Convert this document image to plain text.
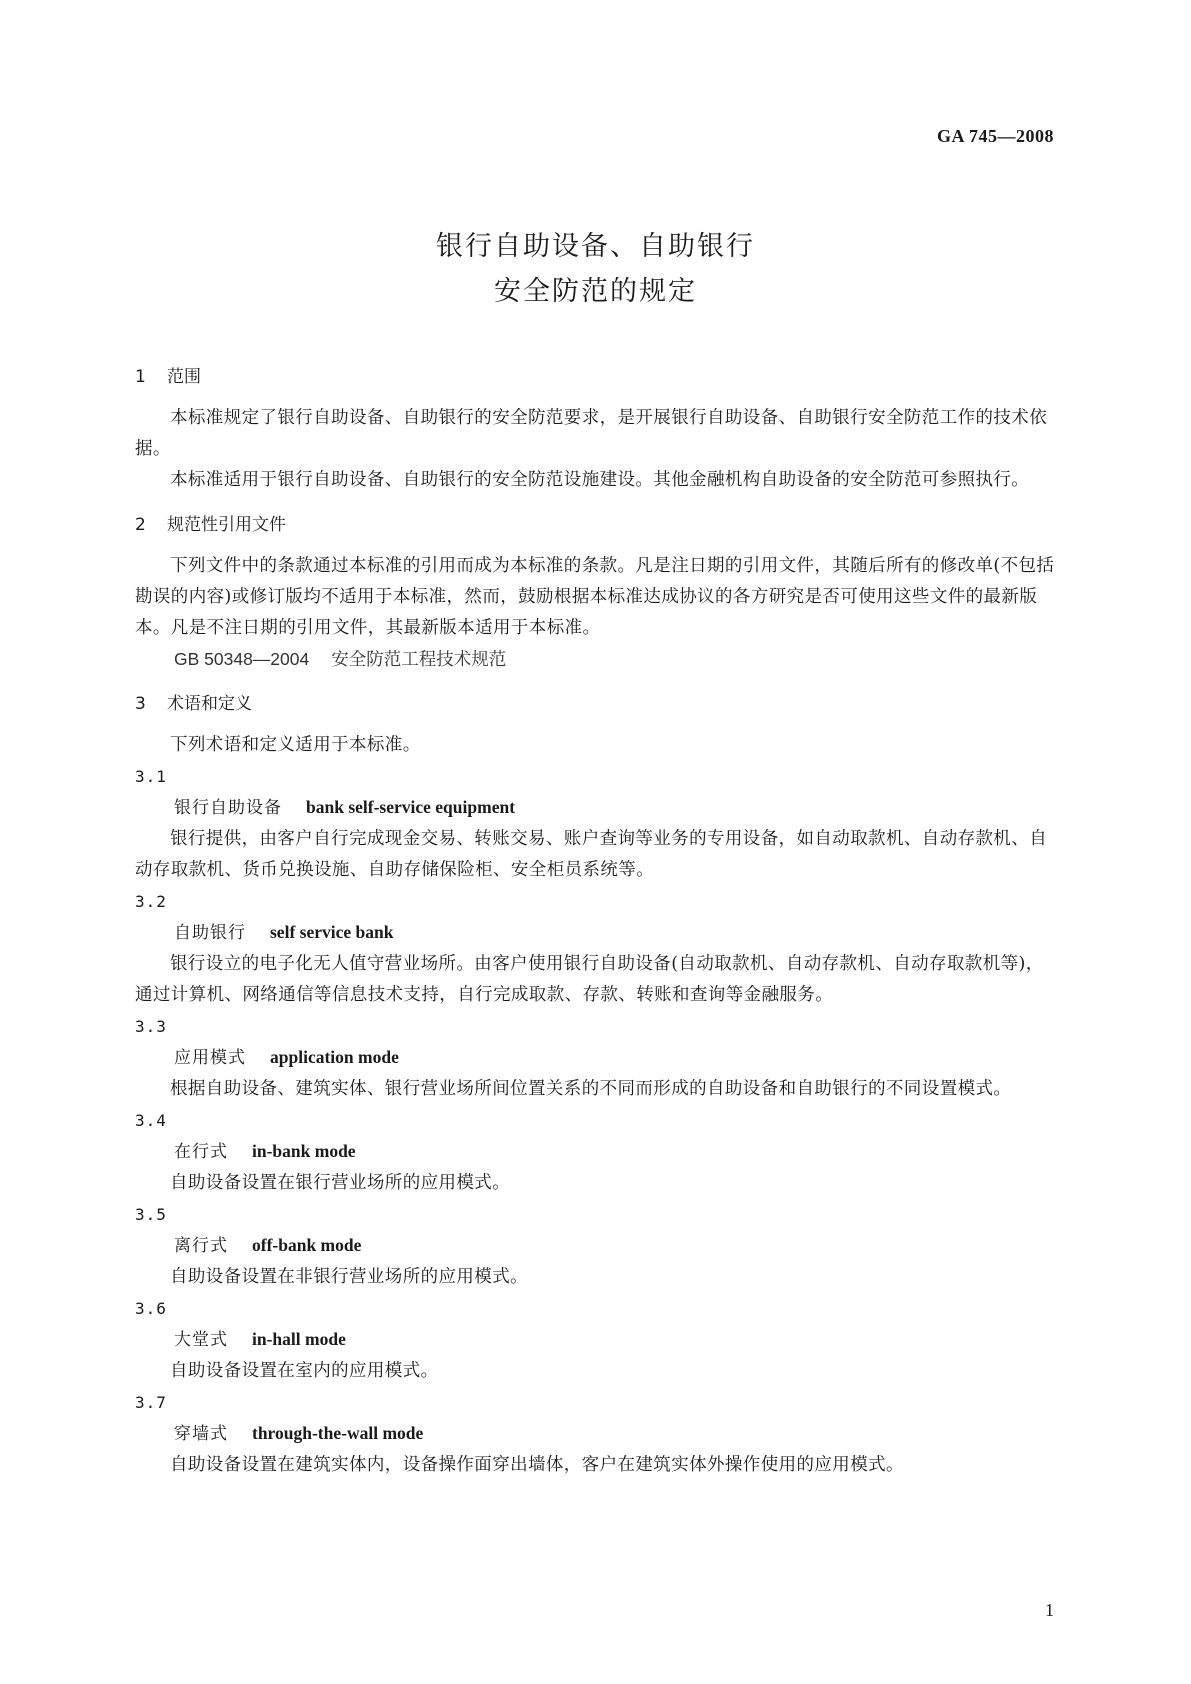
GA 745—2008
银行自助设备、自助银行
安全防范的规定
1	范围

本标准规定了银行自助设备、自助银行的安全防范要求，是开展银行自助设备、自助银行安全防范工作的技术依据。

本标准适用于银行自助设备、自助银行的安全防范设施建设。其他金融机构自助设备的安全防范可参照执行。

2	规范性引用文件

下列文件中的条款通过本标准的引用而成为本标准的条款。凡是注日期的引用文件，其随后所有的修改单(不包括勘误的内容)或修订版均不适用于本标准，然而，鼓励根据本标准达成协议的各方研究是否可使用这些文件的最新版本。凡是不注日期的引用文件，其最新版本适用于本标准。

GB 50348—2004 安全防范工程技术规范

3	术语和定义

下列术语和定义适用于本标准。

3.1

银行自助设备 bank self-service equipment

银行提供，由客户自行完成现金交易、转账交易、账户查询等业务的专用设备，如自动取款机、自动存款机、自动存取款机、货币兑换设施、自助存储保险柜、安全柜员系统等。

3.2

自助银行 self service bank

银行设立的电子化无人值守营业场所。由客户使用银行自助设备(自动取款机、自动存款机、自动存取款机等)，通过计算机、网络通信等信息技术支持，自行完成取款、存款、转账和查询等金融服务。

3.3

应用模式 application mode

根据自助设备、建筑实体、银行营业场所间位置关系的不同而形成的自助设备和自助银行的不同设置模式。

3.4

在行式 in-bank mode

自助设备设置在银行营业场所的应用模式。

3.5

离行式 off-bank mode

自助设备设置在非银行营业场所的应用模式。

3.6

大堂式 in-hall mode

自助设备设置在室内的应用模式。

3.7

穿墙式 through-the-wall mode

自助设备设置在建筑实体内，设备操作面穿出墙体，客户在建筑实体外操作使用的应用模式。

1
